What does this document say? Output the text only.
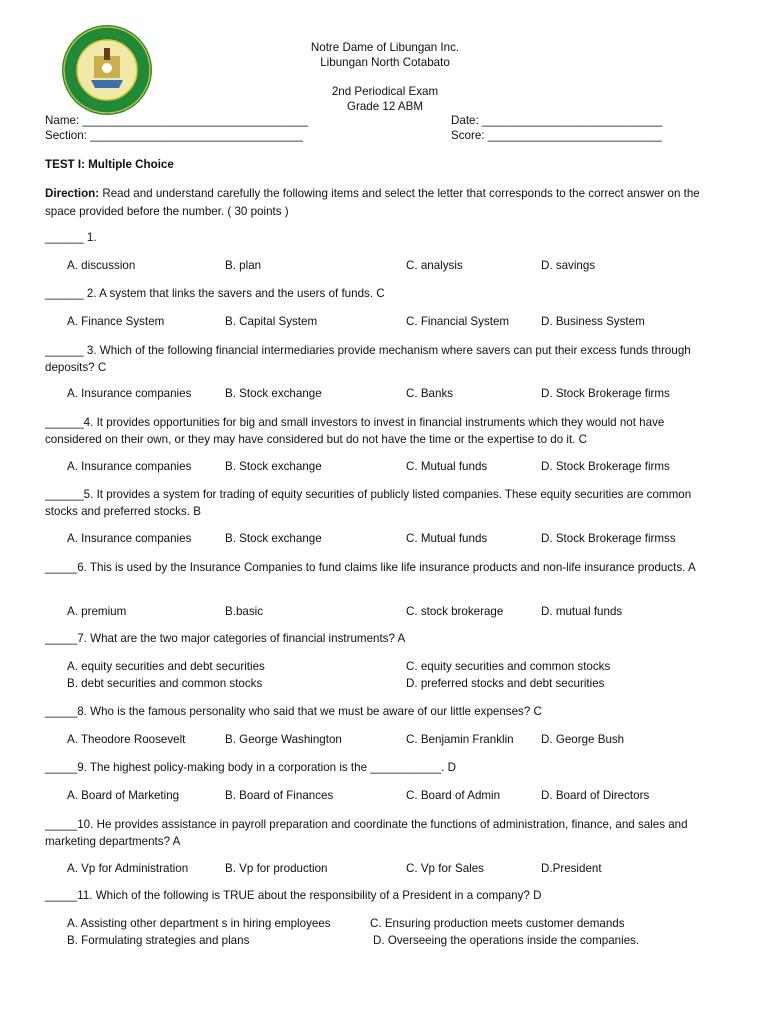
Notre Dame of Libungan Inc.
Libungan North Cotabato
2nd Periodical Exam
Grade 12 ABM
Name: ___________________________________
Section: _________________________________
Date: ____________________________
Score: ___________________________
TEST I: Multiple Choice
Direction: Read and understand carefully the following items and select the letter that corresponds to the correct answer on the space provided before the number. ( 30 points )
______ 1.
A. discussion	B. plan	C. analysis	D. savings
______ 2. A system that links the savers and the users of funds. C
A. Finance System	B. Capital System	C. Financial System	D. Business System
______ 3. Which of the following financial intermediaries provide mechanism where savers can put their excess funds through deposits? C
A. Insurance companies	B. Stock exchange	C. Banks	D. Stock Brokerage firms
______4. It provides opportunities for big and small investors to invest in financial instruments which they would not have considered on their own, or they may have considered but do not have the time or the expertise to do it. C
A. Insurance companies	B. Stock exchange	C. Mutual funds	D. Stock Brokerage firms
______5. It provides a system for trading of equity securities of publicly listed companies. These equity securities are common stocks and preferred stocks. B
A. Insurance companies	B. Stock exchange	C. Mutual funds	D. Stock Brokerage firmss
_____6. This is used by the Insurance Companies to fund claims like life insurance products and non-life insurance products. A
A. premium	B.basic	C. stock brokerage	D. mutual funds
_____7. What are the two major categories of financial instruments? A
A. equity securities and debt securities	C. equity securities and common stocks
B. debt securities and common stocks	D. preferred stocks and debt securities
_____8. Who is the famous personality who said that we must be aware of our little expenses? C
A. Theodore Roosevelt	B. George Washington	C. Benjamin Franklin D. George Bush
_____9. The highest policy-making body in a corporation is the ___________. D
A. Board of Marketing	B. Board of Finances	C. Board of Admin	D. Board of Directors
_____10. He provides assistance in payroll preparation and coordinate the functions of administration, finance, and sales and marketing departments? A
A. Vp for Administration	B. Vp for production	C. Vp for Sales	D.President
_____11. Which of the following is TRUE about the responsibility of a President in a company? D
A. Assisting other department s in hiring employees	C. Ensuring production meets customer demands
B. Formulating strategies and plans	D. Overseeing the operations inside the companies.
